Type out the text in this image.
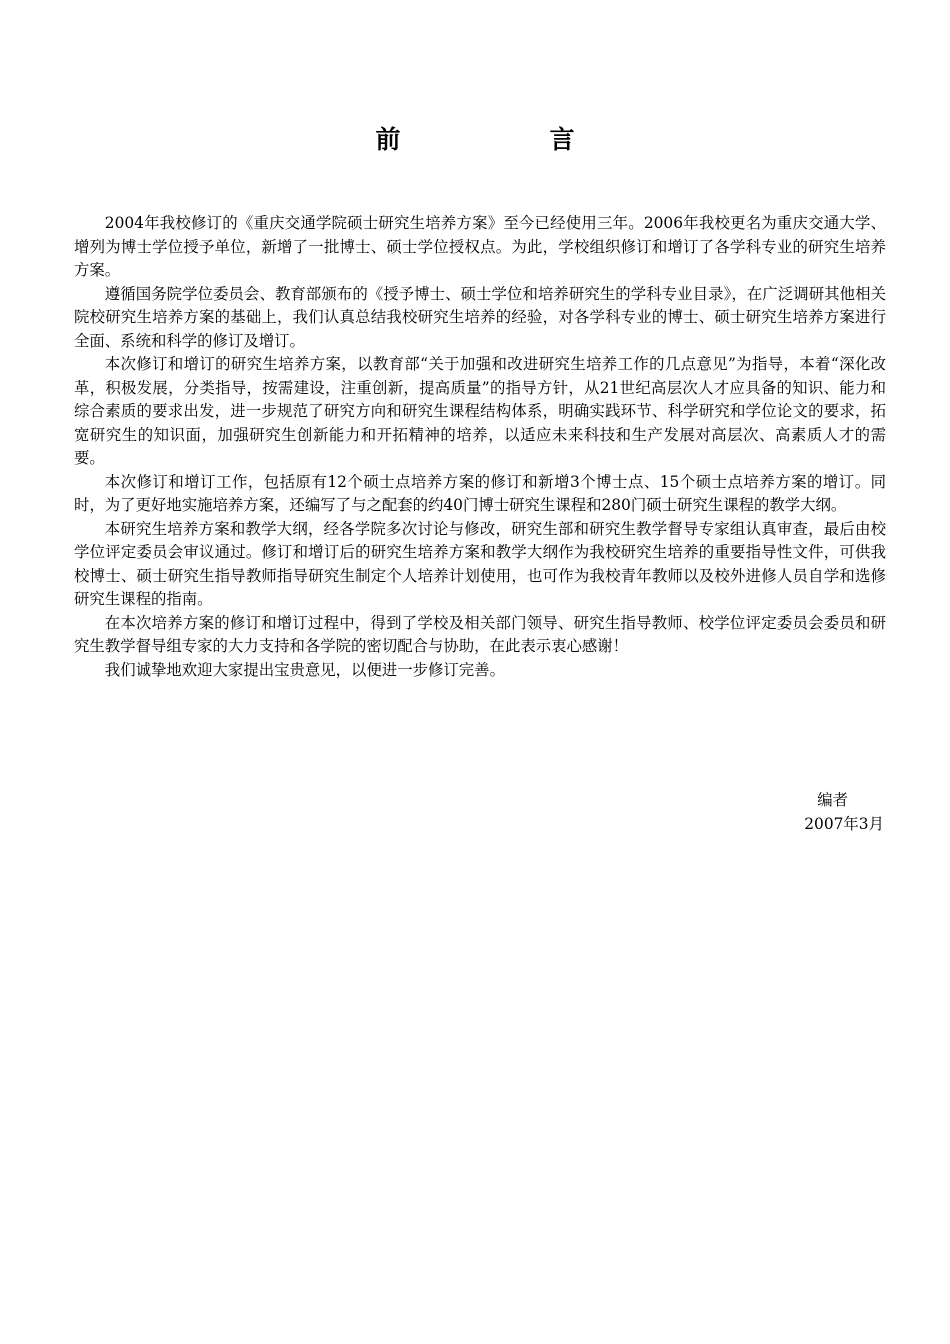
前　言

2004年我校修订的《重庆交通学院硕士研究生培养方案》至今已经使用三年。2006年我校更名为重庆交通大学、增列为博士学位授予单位，新增了一批博士、硕士学位授权点。为此，学校组织修订和增订了各学科专业的研究生培养方案。

遵循国务院学位委员会、教育部颁布的《授予博士、硕士学位和培养研究生的学科专业目录》，在广泛调研其他相关院校研究生培养方案的基础上，我们认真总结我校研究生培养的经验，对各学科专业的博士、硕士研究生培养方案进行全面、系统和科学的修订及增订。

本次修订和增订的研究生培养方案，以教育部“关于加强和改进研究生培养工作的几点意见”为指导，本着“深化改革，积极发展，分类指导，按需建设，注重创新，提高质量”的指导方针，从21世纪高层次人才应具备的知识、能力和综合素质的要求出发，进一步规范了研究方向和研究生课程结构体系，明确实践环节、科学研究和学位论文的要求，拓宽研究生的知识面，加强研究生创新能力和开拓精神的培养，以适应未来科技和生产发展对高层次、高素质人才的需要。

本次修订和增订工作，包括原有12个硕士点培养方案的修订和新增3个博士点、15个硕士点培养方案的增订。同时，为了更好地实施培养方案，还编写了与之配套的约40门博士研究生课程和280门硕士研究生课程的教学大纲。

本研究生培养方案和教学大纲，经各学院多次讨论与修改，研究生部和研究生教学督导专家组认真审查，最后由校学位评定委员会审议通过。修订和增订后的研究生培养方案和教学大纲作为我校研究生培养的重要指导性文件，可供我校博士、硕士研究生指导教师指导研究生制定个人培养计划使用，也可作为我校青年教师以及校外进修人员自学和选修研究生课程的指南。

在本次培养方案的修订和增订过程中，得到了学校及相关部门领导、研究生指导教师、校学位评定委员会委员和研究生教学督导组专家的大力支持和各学院的密切配合与协助，在此表示衷心感谢！

我们诚挚地欢迎大家提出宝贵意见，以便进一步修订完善。

编者
2007年3月
